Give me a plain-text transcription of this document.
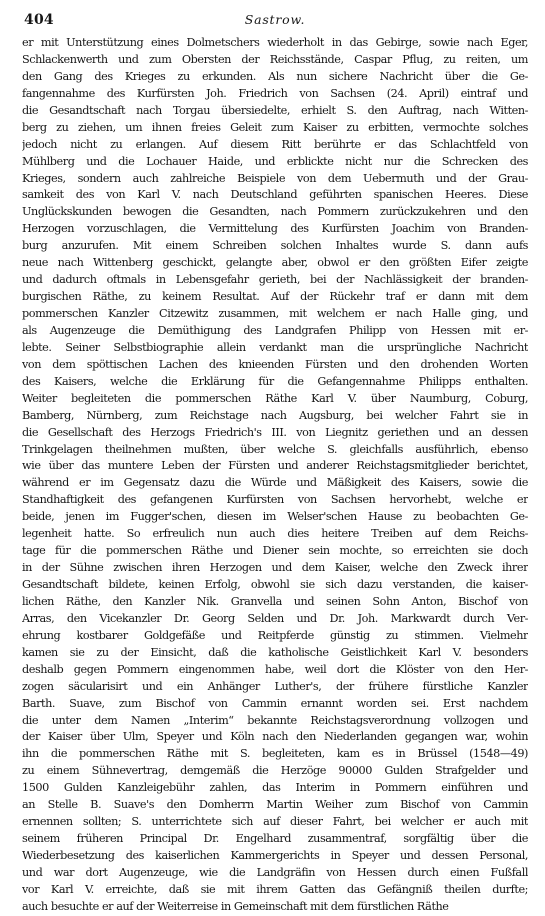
404	Sastrow.
er mit Unterstützung eines Dolmetschers wiederholt in das Gebirge, sowie nach Eger,
Schlackenwerth und zum Obersten der Reichsstände, Caspar Pflug, zu reiten, um
den Gang des Krieges zu erkunden. Als nun sichere Nachricht über die Ge-
fangennahme des Kurfürsten Joh. Friedrich von Sachsen (24. April) eintraf und
die Gesandtschaft nach Torgau übersiedelte, erhielt S. den Auftrag, nach Witten-
berg zu ziehen, um ihnen freies Geleit zum Kaiser zu erbitten, vermochte solches
jedoch nicht zu erlangen. Auf diesem Ritt berührte er das Schlachtfeld von
Mühlberg und die Lochauer Haide, und erblickte nicht nur die Schrecken des
Krieges, sondern auch zahlreiche Beispiele von dem Uebermuth und der Grau-
samkeit des von Karl V. nach Deutschland geführten spanischen Heeres. Diese
Unglückskunden bewogen die Gesandten, nach Pommern zurückzukehren und den
Herzogen vorzuschlagen, die Vermittelung des Kurfürsten Joachim von Branden-
burg anzurufen. Mit einem Schreiben solchen Inhaltes wurde S. dann aufs
neue nach Wittenberg geschickt, gelangte aber, obwol er den größten Eifer zeigte
und dadurch oftmals in Lebensgefahr gerieth, bei der Nachlässigkeit der branden-
burgischen Räthe, zu keinem Resultat. Auf der Rückehr traf er dann mit dem
pommerschen Kanzler Citzewitz zusammen, mit welchem er nach Halle ging, und
als Augenzeuge die Demüthigung des Landgrafen Philipp von Hessen mit er-
lebte. Seiner Selbstbiographie allein verdankt man die ursprüngliche Nachricht
von dem spöttischen Lachen des knieenden Fürsten und den drohenden Worten
des Kaisers, welche die Erklärung für die Gefangennahme Philipps enthalten.
Weiter begleiteten die pommerschen Räthe Karl V. über Naumburg, Coburg,
Bamberg, Nürnberg, zum Reichstage nach Augsburg, bei welcher Fahrt sie in
die Gesellschaft des Herzogs Friedrich's III. von Liegnitz geriethen und an dessen
Trinkgelagen theilnehmen mußten, über welche S. gleichfalls ausführlich, ebenso
wie über das muntere Leben der Fürsten und anderer Reichstagsmitglieder berichtet,
während er im Gegensatz dazu die Würde und Mäßigkeit des Kaisers, sowie die
Standhaftigkeit des gefangenen Kurfürsten von Sachsen hervorhebt, welche er
beide, jenen im Fugger'schen, diesen im Welser'schen Hause zu beobachten Ge-
legenheit hatte. So erfreulich nun auch dies heitere Treiben auf dem Reichs-
tage für die pommerschen Räthe und Diener sein mochte, so erreichten sie doch
in der Sühne zwischen ihren Herzogen und dem Kaiser, welche den Zweck ihrer
Gesandtschaft bildete, keinen Erfolg, obwohl sie sich dazu verstanden, die kaiser-
lichen Räthe, den Kanzler Nik. Granvella und seinen Sohn Anton, Bischof von
Arras, den Vicekanzler Dr. Georg Selden und Dr. Joh. Markwardt durch Ver-
ehrung kostbarer Goldgefäße und Reitpferde günstig zu stimmen. Vielmehr
kamen sie zu der Einsicht, daß die katholische Geistlichkeit Karl V. besonders
deshalb gegen Pommern eingenommen habe, weil dort die Klöster von den Her-
zogen säcularisirt und ein Anhänger Luther's, der frühere fürstliche Kanzler
Barth. Suave, zum Bischof von Cammin ernannt worden sei. Erst nachdem
die unter dem Namen „Interim“ bekannte Reichstagsverordnung vollzogen und
der Kaiser über Ulm, Speyer und Köln nach den Niederlanden gegangen war, wohin
ihn die pommerschen Räthe mit S. begleiteten, kam es in Brüssel (1548—49)
zu einem Sühnevertrag, demgemäß die Herzöge 90000 Gulden Strafgelder und
1500 Gulden Kanzleigebühr zahlen, das Interim in Pommern einführen und
an Stelle B. Suave's den Domherrn Martin Weiher zum Bischof von Cammin
ernennen sollten; S. unterrichtete sich auf dieser Fahrt, bei welcher er auch mit
seinem früheren Principal Dr. Engelhard zusammentraf, sorgfältig über die
Wiederbesetzung des kaiserlichen Kammergerichts in Speyer und dessen Personal,
und war dort Augenzeuge, wie die Landgräfin von Hessen durch einen Fußfall
vor Karl V. erreichte, daß sie mit ihrem Gatten das Gefängniß theilen durfte;
auch besuchte er auf der Weiterreise in Gemeinschaft mit dem fürstlichen Räthe
